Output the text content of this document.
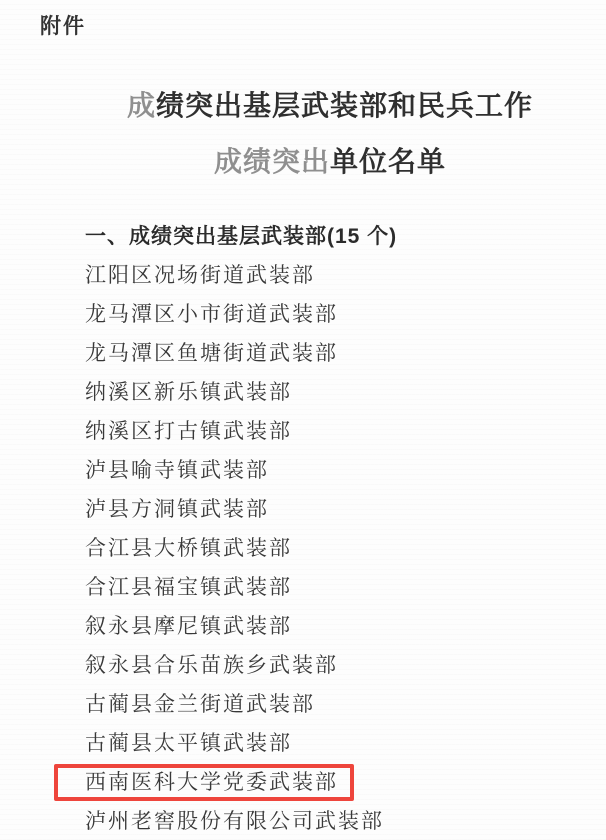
附件
成绩突出基层武装部和民兵工作
成绩突出单位名单
一、成绩突出基层武装部(15 个)
江阳区况场街道武装部
龙马潭区小市街道武装部
龙马潭区鱼塘街道武装部
纳溪区新乐镇武装部
纳溪区打古镇武装部
泸县喻寺镇武装部
泸县方洞镇武装部
合江县大桥镇武装部
合江县福宝镇武装部
叙永县摩尼镇武装部
叙永县合乐苗族乡武装部
古蔺县金兰街道武装部
古蔺县太平镇武装部
西南医科大学党委武装部
泸州老窖股份有限公司武装部
